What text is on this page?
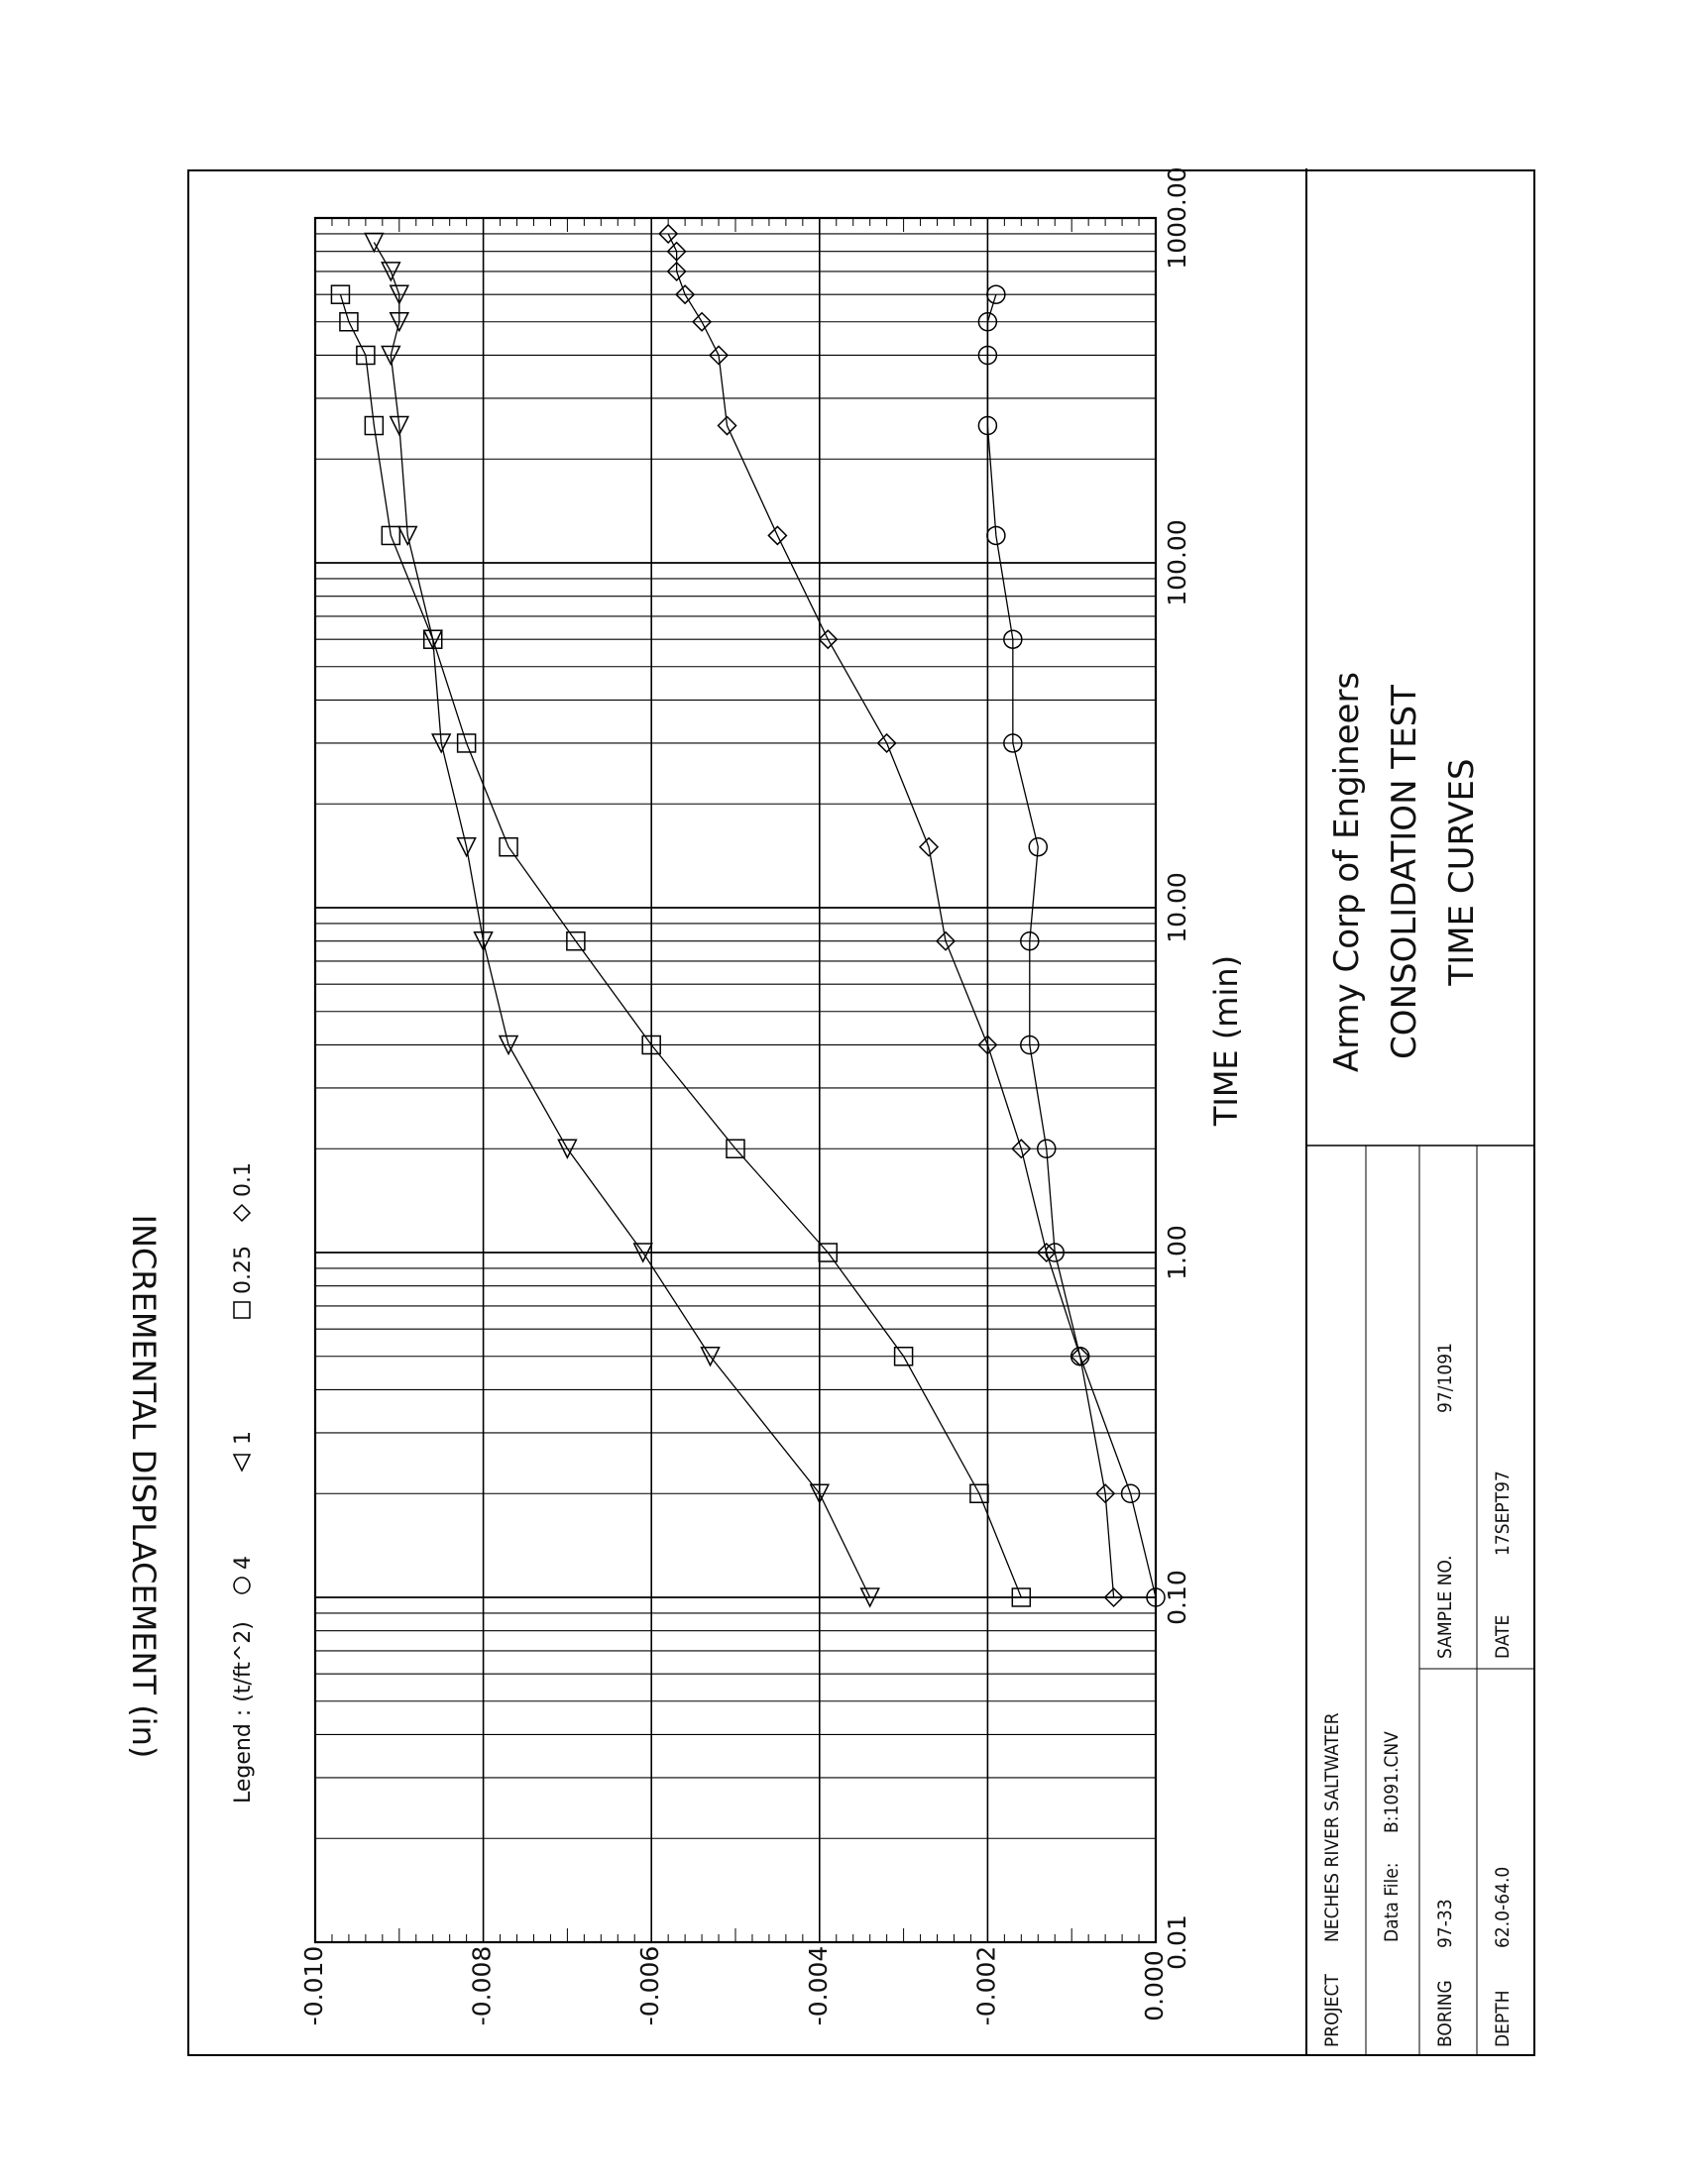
0.000
-0.002
-0.004
-0.006
-0.008
-0.010
0.01
0.10
1.00
10.00
100.00
1000.00
TIME (min)
INCREMENTAL DISPLACEMENT (in)	Legend : (t/ft^2)
4
1
0.25
0.1
PROJECT
NECHES RIVER SALTWATER Data File:
B:1091.CNV
BORING
97-33
SAMPLE NO.
97/1091
DEPTH
62.0-64.0
DATE
17SEPT97
Army Corp of Engineers CONSOLIDATION TEST TIME CURVES
